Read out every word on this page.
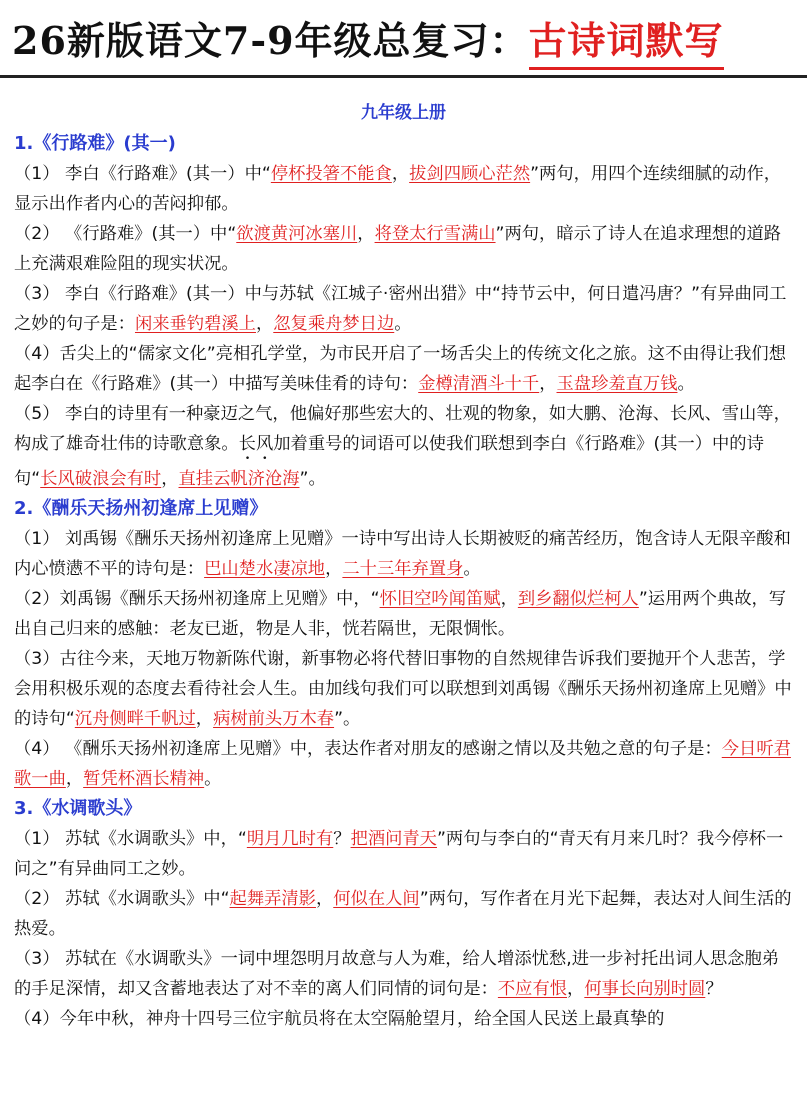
26新版语文7-9年级总复习：古诗词默写
九年级上册
1.《行路难》(其一)
（1） 李白《行路难》(其一）中“停杯投箸不能食，拔剑四顾心茫然”两句，用四个连续细腻的动作，显示出作者内心的苦闷抑郁。
（2） 《行路难》(其一）中“欲渡黄河冰塞川，将登太行雪满山”两句，暗示了诗人在追求理想的道路上充满艰难险阻的现实状况。
（3） 李白《行路难》(其一）中与苏轼《江城子·密州出猎》中“持节云中，何日遣冯唐？”有异曲同工之妙的句子是：闲来垂钓碧溪上，忽复乘舟梦日边。
（4）舌尖上的“儒家文化”亮相孔学堂，为市民开启了一场舌尖上的传统文化之旅。这不由得让我们想起李白在《行路难》(其一）中描写美味佳肴的诗句：金樽清酒斗十千，玉盘珍羞直万钱。
（5） 李白的诗里有一种豪迈之气，他偏好那些宏大的、壮观的物象，如大鹏、沧海、长风、雪山等，构成了雄奇壮伟的诗歌意象。长风加着重号的词语可以使我们联想到李白《行路难》(其一）中的诗句“长风破浪会有时，直挂云帆济沧海”。
2.《酬乐天扬州初逢席上见赠》
（1） 刘禹锡《酬乐天扬州初逢席上见赠》一诗中写出诗人长期被贬的痛苦经历，饱含诗人无限辛酸和内心愤懑不平的诗句是：巴山楚水凄凉地，二十三年弃置身。
（2）刘禹锡《酬乐天扬州初逢席上见赠》中，“怀旧空吟闻笛赋，到乡翻似烂柯人”运用两个典故，写出自己归来的感触：老友已逝，物是人非，恍若隔世，无限惆怅。
（3）古往今来，天地万物新陈代谢，新事物必将代替旧事物的自然规律告诉我们要抛开个人悲苦，学会用积极乐观的态度去看待社会人生。由加线句我们可以联想到刘禹锡《酬乐天扬州初逢席上见赠》中的诗句“沉舟侧畔千帆过，病树前头万木春”。
（4） 《酬乐天扬州初逢席上见赠》中，表达作者对朋友的感谢之情以及共勉之意的句子是：今日听君歌一曲，暂凭杯酒长精神。
3.《水调歌头》
（1） 苏轼《水调歌头》中，“明月几时有？把酒问青天”两句与李白的“青天有月来几时？我今停杯一问之”有异曲同工之妙。
（2） 苏轼《水调歌头》中“起舞弄清影，何似在人间”两句，写作者在月光下起舞，表达对人间生活的热爱。
（3） 苏轼在《水调歌头》一词中埋怨明月故意与人为难，给人增添忧愁,进一步衬托出词人思念胞弟的手足深情，却又含蓄地表达了对不幸的离人们同情的词句是：不应有恨，何事长向别时圆？
（4）今年中秋，神舟十四号三位宇航员将在太空隔舱望月，给全国人民送上最真挚的
